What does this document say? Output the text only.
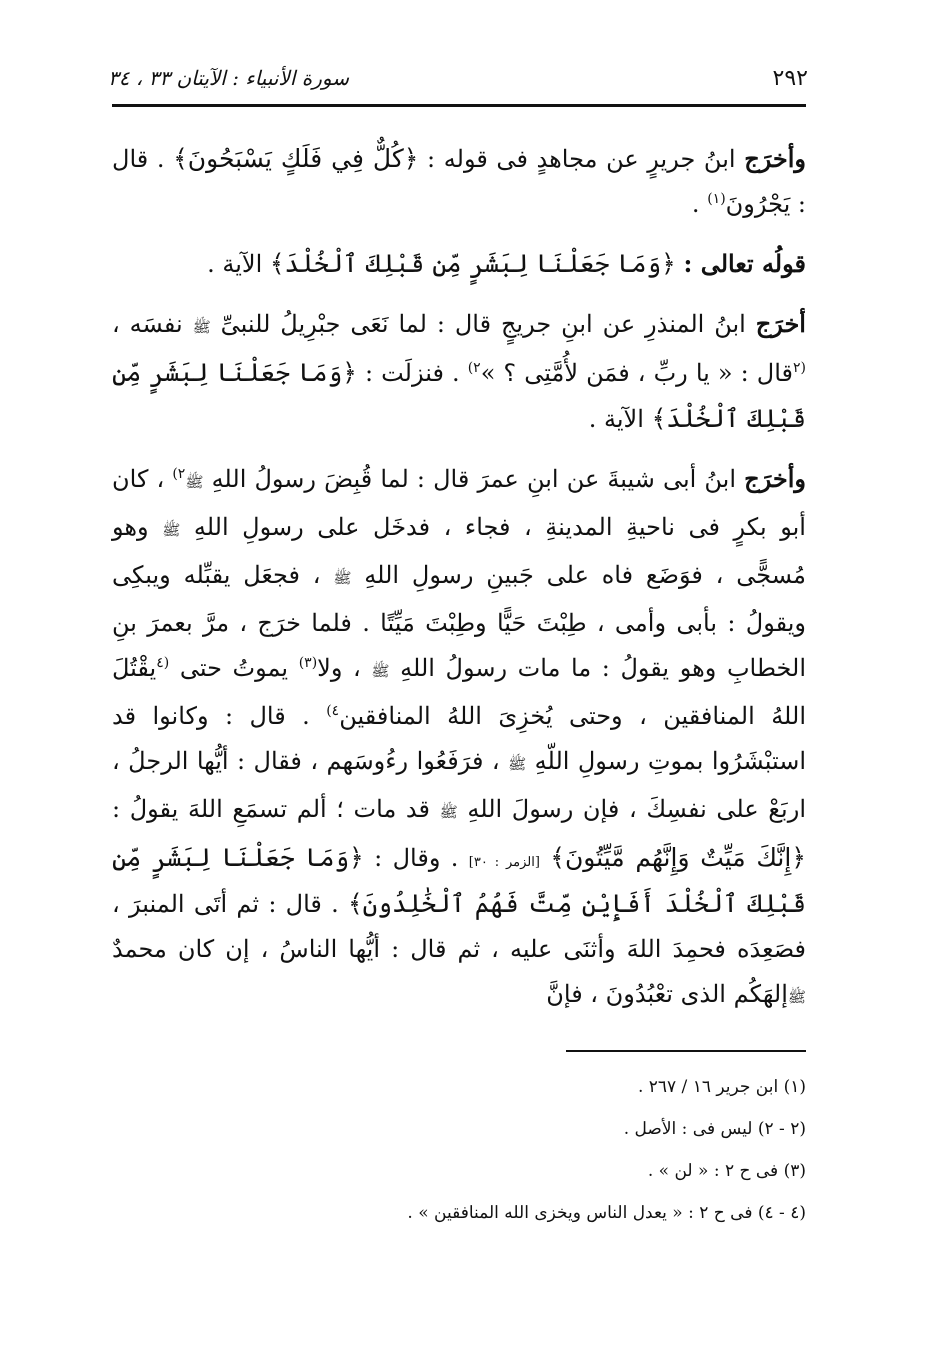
٢٩٢
سورة الأنبياء : الآيتان ٣٣ ، ٣٤

وأخرَج ابنُ جريرٍ عن مجاهدٍ فى قوله : ﴿كُلٌّ فِي فَلَكٍ يَسْبَحُونَ﴾ . قال : يَجْرُونَ$^{(١)}$ .

قولُه تعالى : ﴿وَمَا جَعَلْنَا لِبَشَرٍ مِّن قَبْلِكَ ٱلْخُلْدَ﴾ الآية .

أخرَج ابنُ المنذرِ عن ابنِ جريجٍ قال : لما نَعَى جبْرِيلُ للنبىِّ ﷺ نفسَه ، $^{(٢}$قال : « يا ربِّ ، فمَن لأُمَّتِى ؟ »$^{٢)}$ . فنزلَت : ﴿وَمَا جَعَلْنَا لِبَشَرٍ مِّن قَبْلِكَ ٱلْخُلْدَ﴾ الآية .

وأخرَج ابنُ أبى شيبةَ عن ابنِ عمرَ قال : لما قُبِضَ رسولُ اللهِ ﷺ$^{٢)}$ ، كان أبو بكرٍ فى ناحيةِ المدينةِ ، فجاء ، فدخَل على رسولِ اللهِ ﷺ وهو مُسجًّى ، فوَضَع فاه على جَبينِ رسولِ اللهِ ﷺ ، فجعَل يقبِّله ويبكِى ويقولُ : بأبى وأمى ، طِبْتَ حَيًّا وطِبْتَ مَيِّتًا . فلما خرَج ، مرَّ بعمرَ بنِ الخطابِ وهو يقولُ : ما مات رسولُ اللهِ ﷺ ، ولا$^{(٣)}$ يموتُ حتى $^{(٤}$يقْتُلَ اللهُ المنافقين ، وحتى يُخزِىَ اللهُ المنافقين$^{٤)}$ . قال : وكانوا قد استبْشَرُوا بموتِ رسولِ اللّهِ ﷺ ، فرَفَعُوا رءُوسَهم ، فقال : أيُّها الرجلُ ، اربَعْ على نفسِكَ ، فإن رسولَ اللهِ ﷺ قد مات ؛ ألم تسمَعِ اللهَ يقولُ : ﴿إِنَّكَ مَيِّتٌ وَإِنَّهُم مَّيِّتُونَ﴾ [الزمر : ٣٠] . وقال : ﴿وَمَا جَعَلْنَا لِبَشَرٍ مِّن قَبْلِكَ ٱلْخُلْدَ أَفَإِيْن مِّتَّ فَهُمُ ٱلْخَٰلِدُونَ﴾ . قال : ثم أتَى المنبرَ ، فصَعِدَه فحمِدَ اللهَ وأثنَى عليه ، ثم قال : أيُّها الناسُ ، إن كان محمدٌ ﷺإلهَكُم الذى تعْبُدُونَ ، فإنَّ

(١) ابن جرير ١٦ / ٢٦٧ .

(٢ - ٢) ليس فى : الأصل .

(٣) فى ح ٢ : « لن » .

(٤ - ٤) فى ح ٢ : « يعدل الناس ويخزى الله المنافقين » .
